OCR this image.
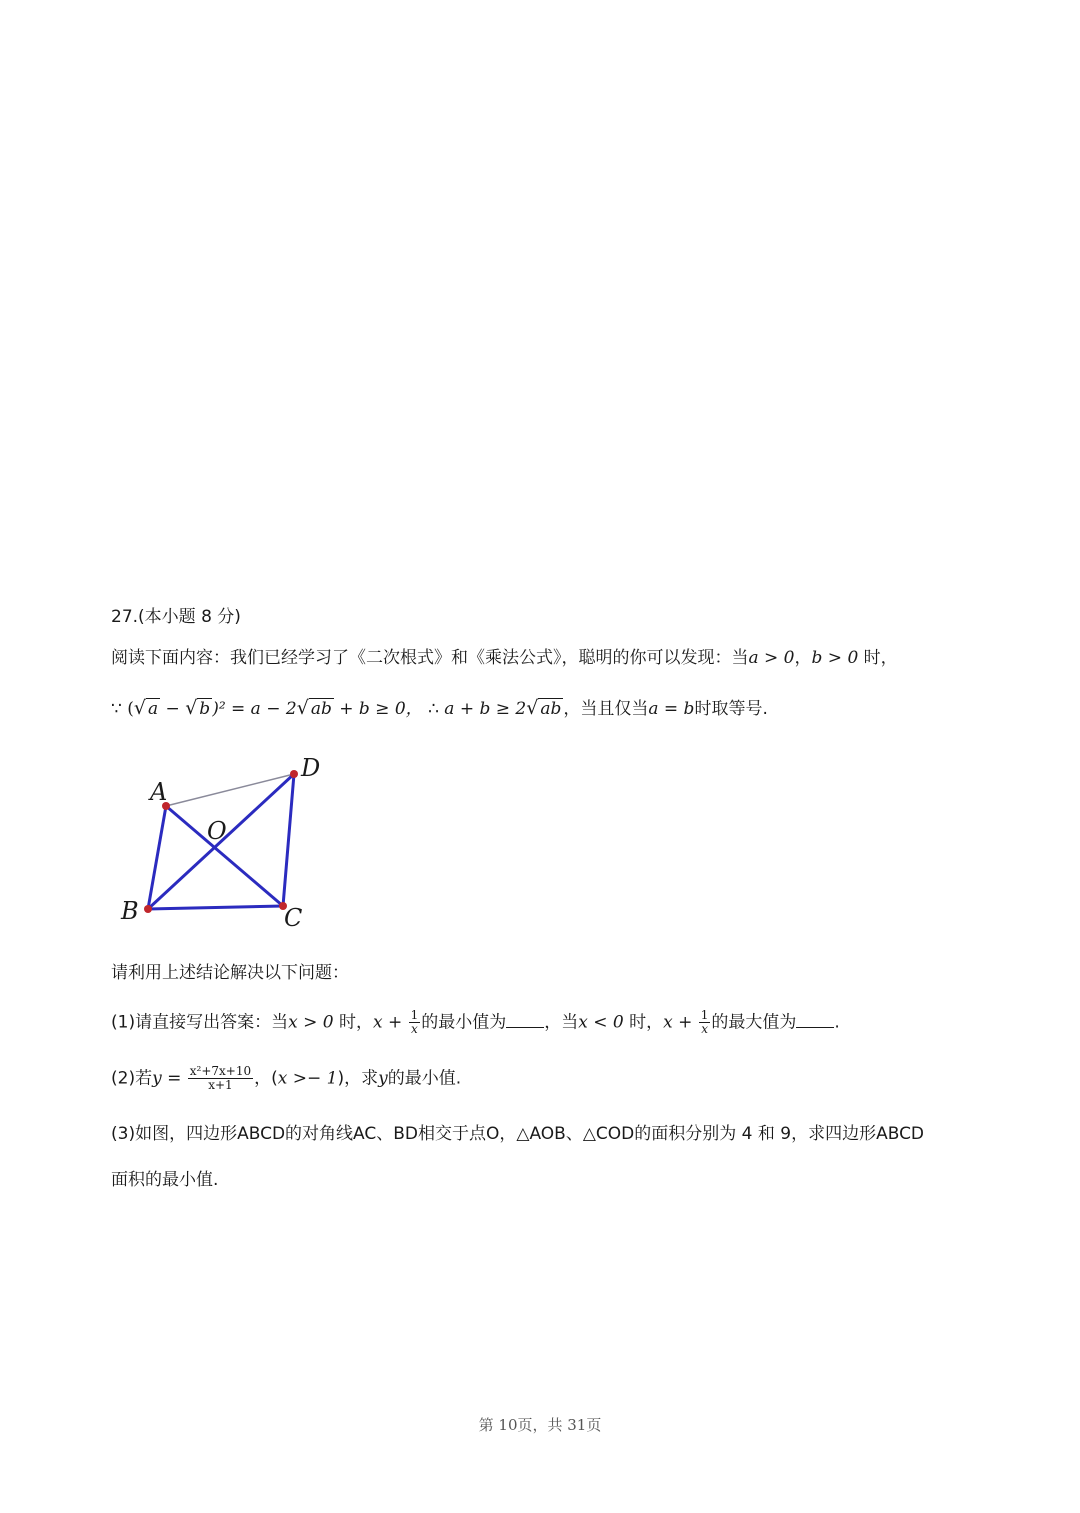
27.(本小题 8 分)
阅读下面内容：我们已经学习了《二次根式》和《乘法公式》，聪明的你可以发现：当a > 0，b > 0 时，
∵ (√ a − √ b )² = a − 2√ ab + b ≥ 0， ∴ a + b ≥ 2√ ab ，当且仅当a = b时取等号.
A
B	C
D
O
请利用上述结论解决以下问题：
(1)请直接写出答案：当x > 0 时，$x + \frac{1}{x}$ 的最小值为 ，当x < 0 时，$x + \frac{1}{x}$ 的最大值为 .
(2)若$y = \frac{\text{x²+7x+10}}{x+1}$ ，(x >− 1)，求y的最小值.
(3)如图，四边形ABCD的对角线AC、BD相交于点O，△AOB、△COD的面积分别为 4 和 9，求四边形ABCD
面积的最小值.
第 10页，共 31页
